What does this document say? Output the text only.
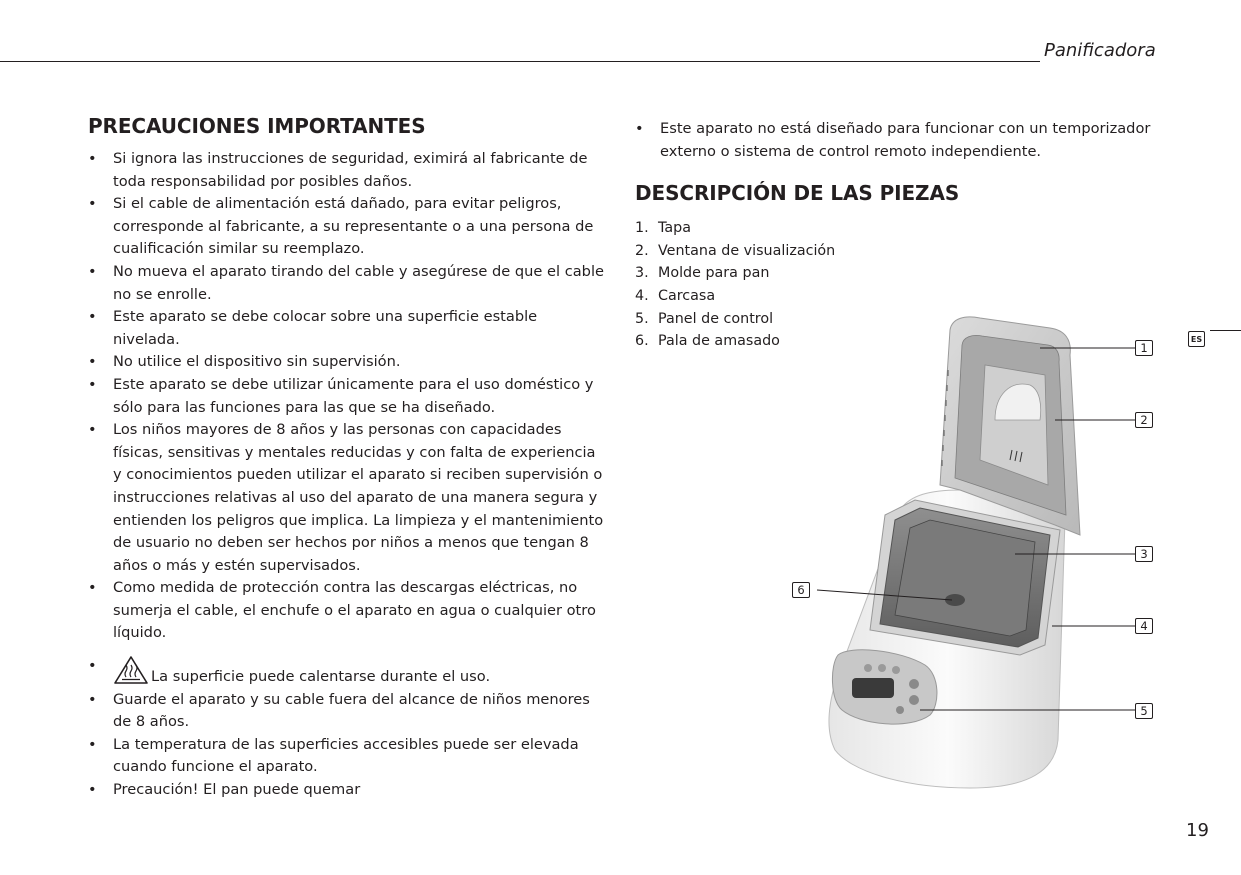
Panificadora
ES
PRECAUCIONES IMPORTANTES
• Si ignora las instrucciones de seguridad, eximirá al fabricante de toda responsabilidad por posibles daños.
• Si el cable de alimentación está dañado, para evitar peligros, corresponde al fabricante, a su representante o a una persona de cualificación similar su reemplazo.
• No mueva el aparato tirando del cable y asegúrese de que el cable no se enrolle.
• Este aparato se debe colocar sobre una superficie estable nivelada.
• No utilice el dispositivo sin supervisión.
• Este aparato se debe utilizar únicamente para el uso doméstico y sólo para las funciones para las que se ha diseñado.
• Los niños mayores de 8 años y las personas con capacidades físicas, sensitivas y mentales reducidas y con falta de experiencia y conocimientos pueden utilizar el aparato si reciben supervisión o instrucciones relativas al uso del aparato de una manera segura y entienden los peligros que implica. La limpieza y el mantenimiento de usuario no deben ser hechos por niños a menos que tengan 8 años o más y estén supervisados.
• Como medida de protección contra las descargas eléctricas, no sumerja el cable, el enchufe o el aparato en agua o cualquier otro líquido.
•
La superficie puede calentarse durante el uso.
• Guarde el aparato y su cable fuera del alcance de niños menores de 8 años.
• La temperatura de las superficies accesibles puede ser elevada cuando funcione el aparato.
• Precaución! El pan puede quemar
• Este aparato no está diseñado para funcionar con un temporizador externo o sistema de control remoto independiente.
DESCRIPCIÓN DE LAS PIEZAS
1. Tapa
2. Ventana de visualización
3. Molde para pan
4. Carcasa
5. Panel de control
6. Pala de amasado	1
2
3
4
5
6
19
